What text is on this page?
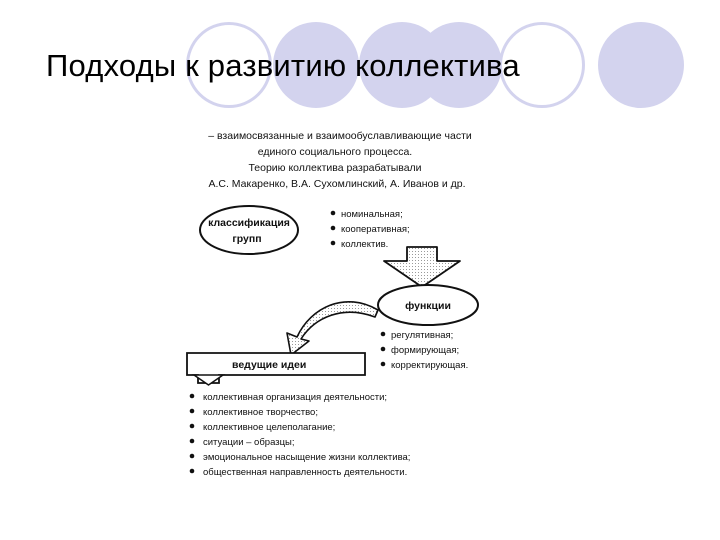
Подходы к развитию коллектива
– взаимосвязанные и взаимообуславливающие части
единого социального процесса.
Теорию коллектива разрабатывали
А.С. Макаренко, В.А. Сухомлинский, А. Иванов и др.
классификация
групп
номинальная;
кооперативная;
коллектив.
функции
регулятивная;
формирующая;
корректирующая.
ведущие идеи
коллективная организация деятельности;
коллективное творчество;
коллективное целеполагание;
ситуации – образцы;
эмоциональное насыщение жизни коллектива;
общественная направленность деятельности.
